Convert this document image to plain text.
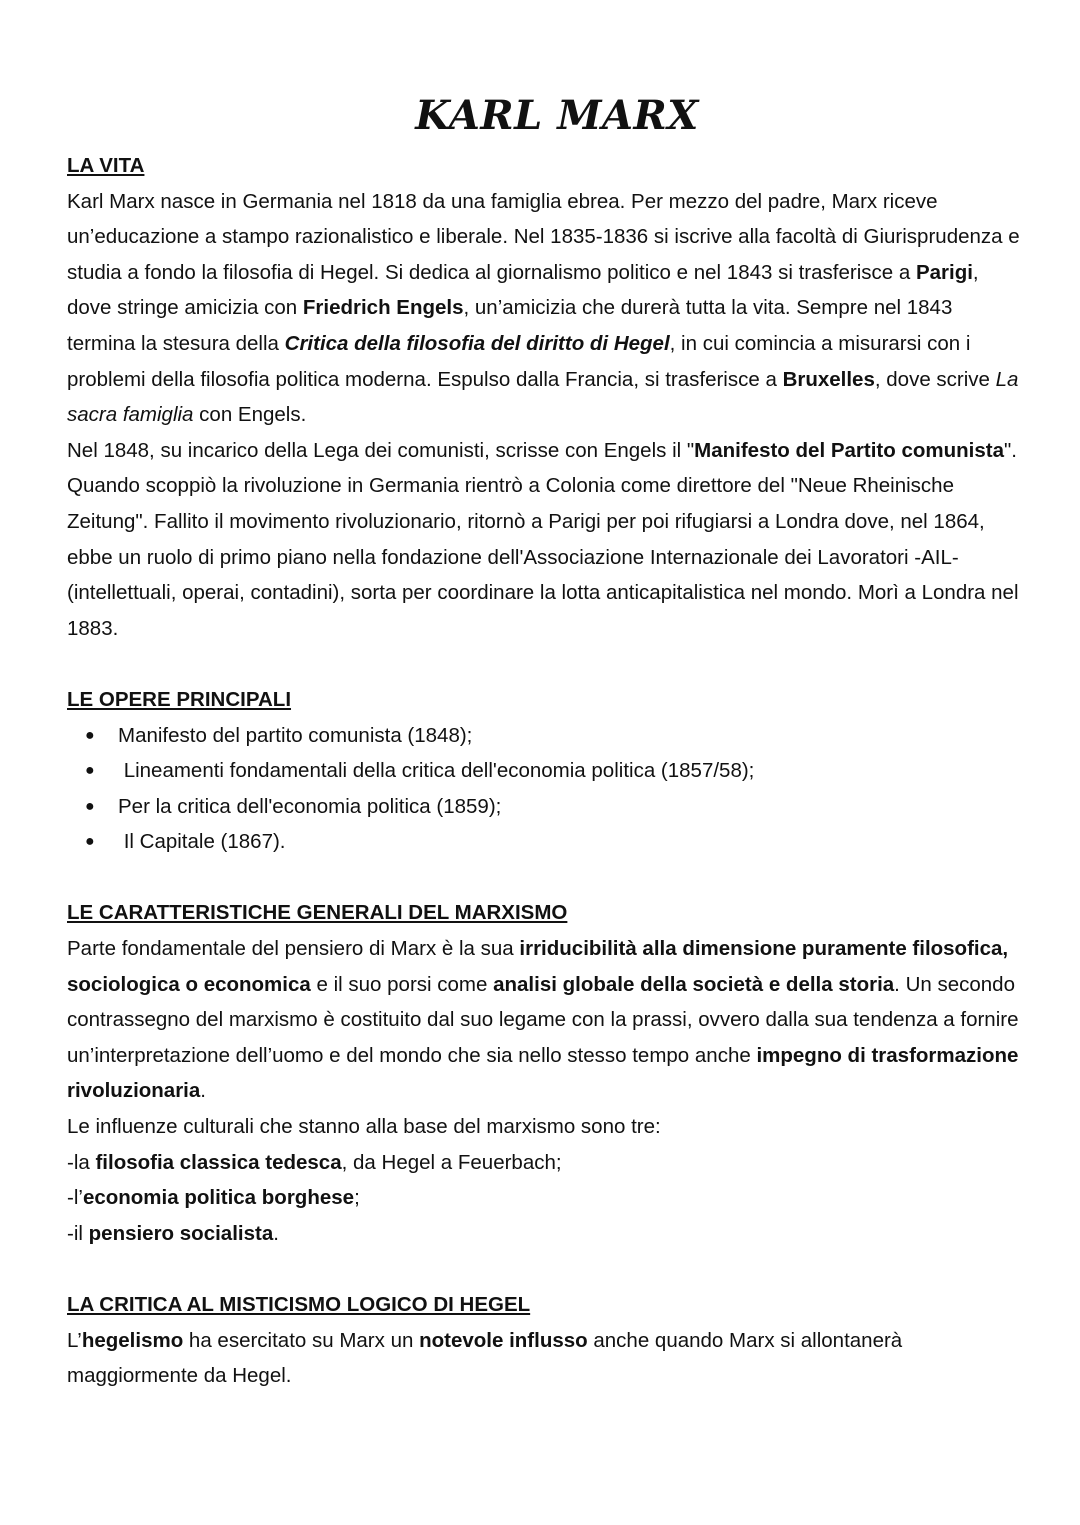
KARL MARX

LA VITA

Karl Marx nasce in Germania nel 1818 da una famiglia ebrea. Per mezzo del padre, Marx riceve un’educazione a stampo razionalistico e liberale. Nel 1835-1836 si iscrive alla facoltà di Giurisprudenza e studia a fondo la filosofia di Hegel. Si dedica al giornalismo politico e nel 1843 si trasferisce a Parigi, dove stringe amicizia con Friedrich Engels, un’amicizia che durerà tutta la vita. Sempre nel 1843 termina la stesura della Critica della filosofia del diritto di Hegel, in cui comincia a misurarsi con i problemi della filosofia politica moderna. Espulso dalla Francia, si trasferisce a Bruxelles, dove scrive La sacra famiglia con Engels.

Nel 1848, su incarico della Lega dei comunisti, scrisse con Engels il "Manifesto del Partito comunista". Quando scoppiò la rivoluzione in Germania rientrò a Colonia come direttore del "Neue Rheinische Zeitung". Fallito il movimento rivoluzionario, ritornò a Parigi per poi rifugiarsi a Londra dove, nel 1864, ebbe un ruolo di primo piano nella fondazione dell'Associazione Internazionale dei Lavoratori -AIL- (intellettuali, operai, contadini), sorta per coordinare la lotta anticapitalistica nel mondo. Morì a Londra nel 1883.

LE OPERE PRINCIPALI

● Manifesto del partito comunista (1848);
● Lineamenti fondamentali della critica dell'economia politica (1857/58);
● Per la critica dell'economia politica (1859);
● Il Capitale (1867).

LE CARATTERISTICHE GENERALI DEL MARXISMO

Parte fondamentale del pensiero di Marx è la sua irriducibilità alla dimensione puramente filosofica, sociologica o economica e il suo porsi come analisi globale della società e della storia. Un secondo contrassegno del marxismo è costituito dal suo legame con la prassi, ovvero dalla sua tendenza a fornire un’interpretazione dell’uomo e del mondo che sia nello stesso tempo anche impegno di trasformazione rivoluzionaria.

Le influenze culturali che stanno alla base del marxismo sono tre:

-la filosofia classica tedesca, da Hegel a Feuerbach;

-l’economia politica borghese;

-il pensiero socialista.

LA CRITICA AL MISTICISMO LOGICO DI HEGEL

L’hegelismo ha esercitato su Marx un notevole influsso anche quando Marx si allontanerà maggiormente da Hegel.
